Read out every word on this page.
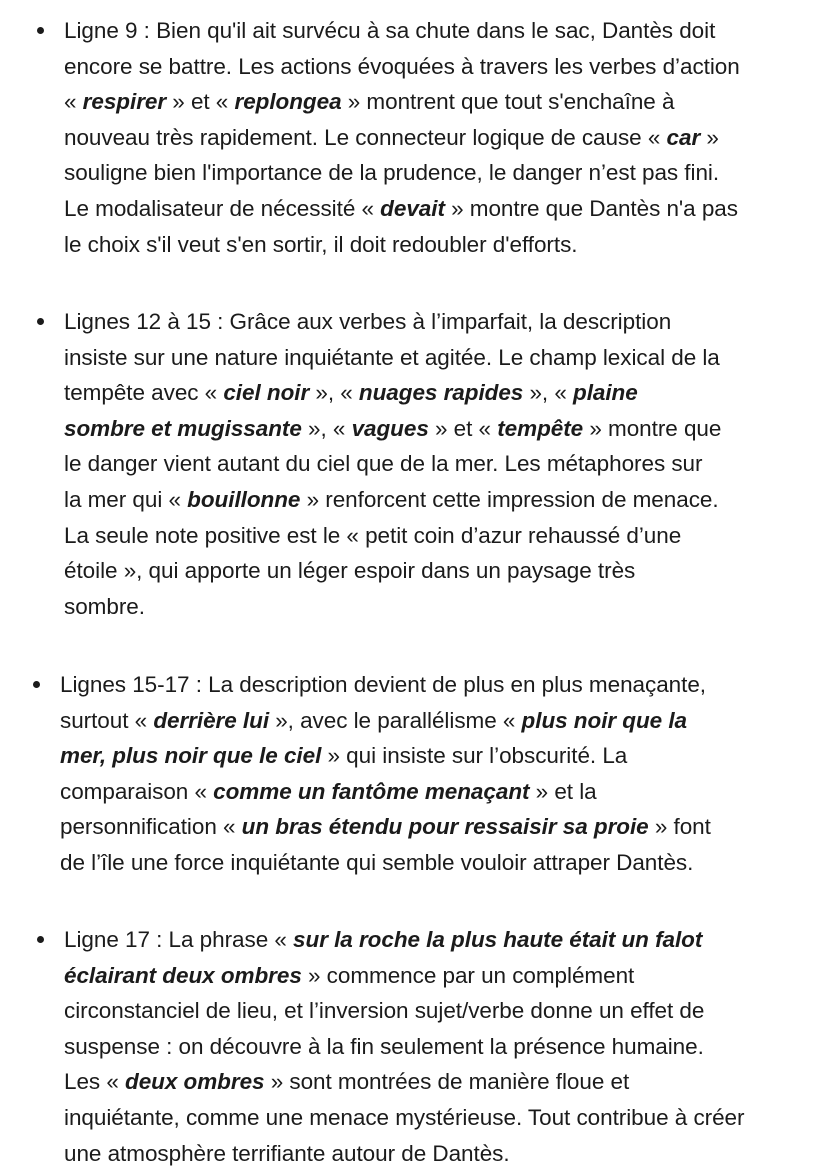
Ligne 9 : Bien qu'il ait survécu à sa chute dans le sac, Dantès doit
encore se battre. Les actions évoquées à travers les verbes d’action
« respirer » et « replongea » montrent que tout s'enchaîne à
nouveau très rapidement. Le connecteur logique de cause « car »
souligne bien l'importance de la prudence, le danger n’est pas fini.
Le modalisateur de nécessité « devait » montre que Dantès n'a pas
le choix s'il veut s'en sortir, il doit redoubler d'efforts.
Lignes 12 à 15 : Grâce aux verbes à l’imparfait, la description
insiste sur une nature inquiétante et agitée. Le champ lexical de la
tempête avec « ciel noir », « nuages rapides », « plaine
sombre et mugissante », « vagues » et « tempête » montre que
le danger vient autant du ciel que de la mer. Les métaphores sur
la mer qui « bouillonne » renforcent cette impression de menace.
La seule note positive est le « petit coin d’azur rehaussé d’une
étoile », qui apporte un léger espoir dans un paysage très
sombre.
Lignes 15-17 : La description devient de plus en plus menaçante,
surtout « derrière lui », avec le parallélisme « plus noir que la
mer, plus noir que le ciel » qui insiste sur l’obscurité. La
comparaison « comme un fantôme menaçant » et la
personnification « un bras étendu pour ressaisir sa proie » font
de l’île une force inquiétante qui semble vouloir attraper Dantès.
Ligne 17 : La phrase « sur la roche la plus haute était un falot
éclairant deux ombres » commence par un complément
circonstanciel de lieu, et l’inversion sujet/verbe donne un effet de
suspense : on découvre à la fin seulement la présence humaine.
Les « deux ombres » sont montrées de manière floue et
inquiétante, comme une menace mystérieuse. Tout contribue à créer
une atmosphère terrifiante autour de Dantès.
